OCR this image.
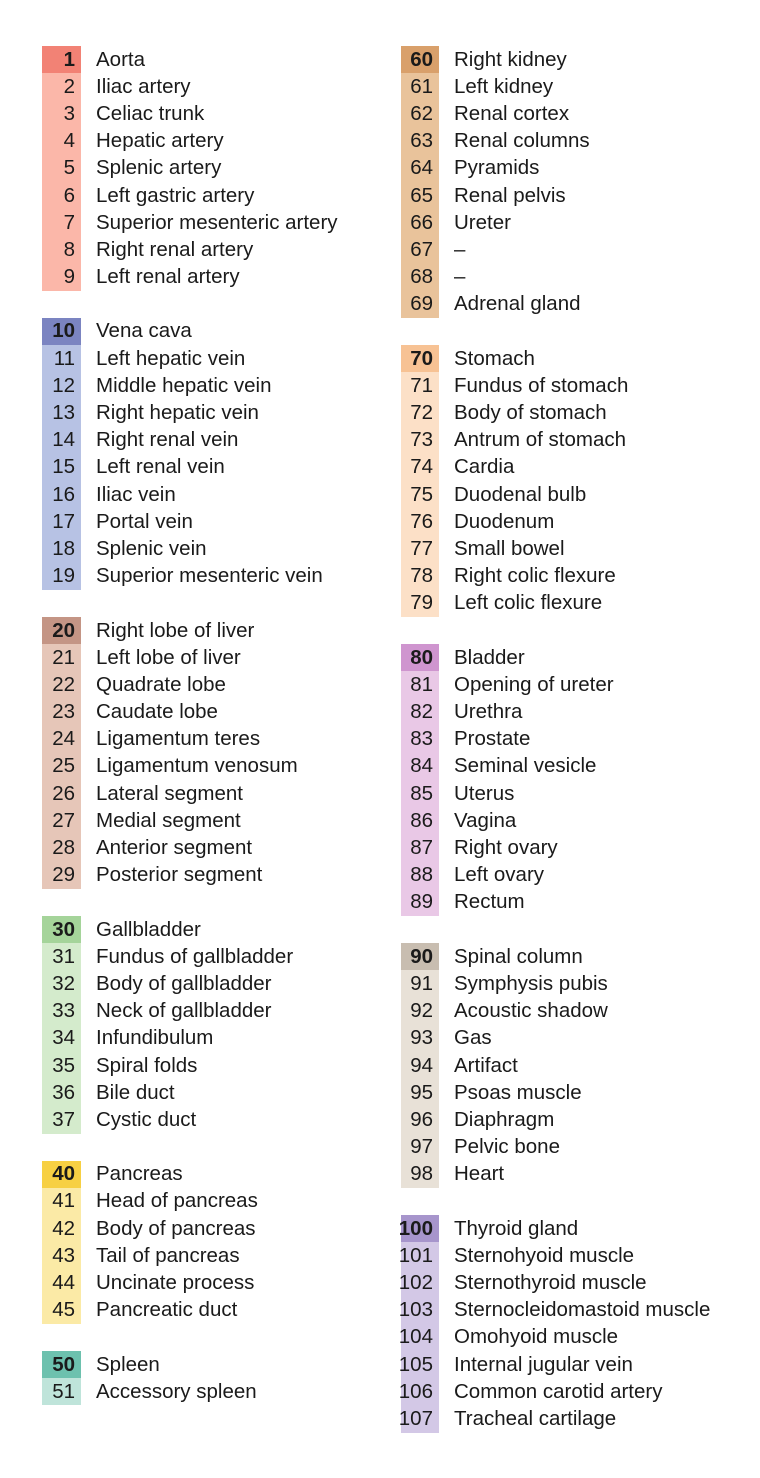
1	Aorta
2	Iliac artery
3	Celiac trunk
4	Hepatic artery
5	Splenic artery
6	Left gastric artery
7	Superior mesenteric artery
8	Right renal artery
9	Left renal artery
10	Vena cava
11	Left hepatic vein
12	Middle hepatic vein
13	Right hepatic vein
14	Right renal vein
15	Left renal vein
16	Iliac vein
17	Portal vein
18	Splenic vein
19	Superior mesenteric vein
20	Right lobe of liver
21	Left lobe of liver
22	Quadrate lobe
23	Caudate lobe
24	Ligamentum teres
25	Ligamentum venosum
26	Lateral segment
27	Medial segment
28	Anterior segment
29	Posterior segment
30	Gallbladder
31	Fundus of gallbladder
32	Body of gallbladder
33	Neck of gallbladder
34	Infundibulum
35	Spiral folds
36	Bile duct
37	Cystic duct
40	Pancreas
41	Head of pancreas
42	Body of pancreas
43	Tail of pancreas
44	Uncinate process
45	Pancreatic duct
50	Spleen
51	Accessory spleen
60	Right kidney
61	Left kidney
62	Renal cortex
63	Renal columns
64	Pyramids
65	Renal pelvis
66	Ureter
67	–
68	–
69	Adrenal gland
70	Stomach
71	Fundus of stomach
72	Body of stomach
73	Antrum of stomach
74	Cardia
75	Duodenal bulb
76	Duodenum
77	Small bowel
78	Right colic flexure
79	Left colic flexure
80	Bladder
81	Opening of ureter
82	Urethra
83	Prostate
84	Seminal vesicle
85	Uterus
86	Vagina
87	Right ovary
88	Left ovary
89	Rectum
90	Spinal column
91	Symphysis pubis
92	Acoustic shadow
93	Gas
94	Artifact
95	Psoas muscle
96	Diaphragm
97	Pelvic bone
98	Heart
100	Thyroid gland
101	Sternohyoid muscle
102	Sternothyroid muscle
103	Sternocleidomastoid muscle
104	Omohyoid muscle
105	Internal jugular vein
106	Common carotid artery
107	Tracheal cartilage
